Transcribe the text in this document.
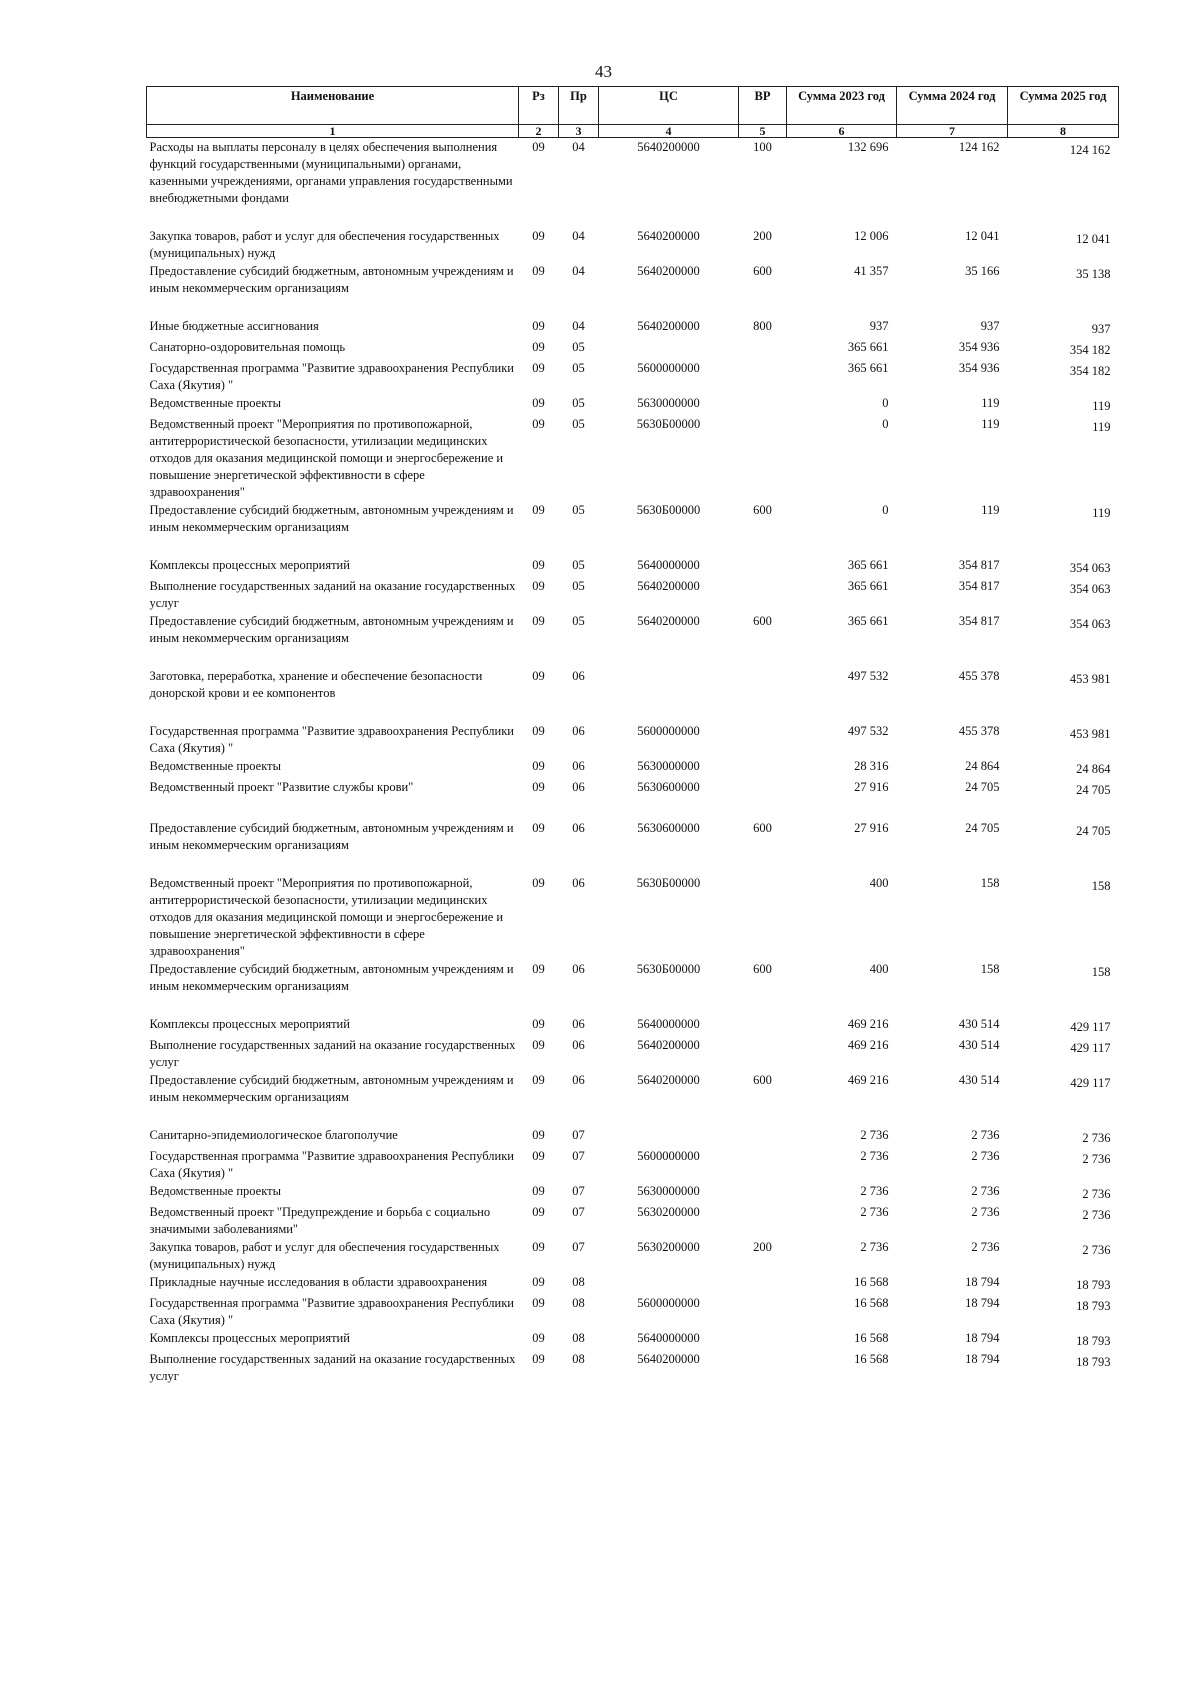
43
Наименование	Рз	Пр	ЦС	ВР	Сумма 2023 год	Сумма 2024 год	Сумма 2025 год
1	2	3	4	5	6	7	8
Расходы на выплаты персоналу в целях обеспечения выполнения функций государственными (муниципальными) органами, казенными учреждениями, органами управления государственными внебюджетными фондами	09	04	5640200000	100	132 696	124 162	124 162
Закупка товаров, работ и услуг для обеспечения государственных (муниципальных) нужд	09	04	5640200000	200	12 006	12 041	12 041
Предоставление субсидий бюджетным, автономным учреждениям и иным некоммерческим организациям	09	04	5640200000	600	41 357	35 166	35 138
Иные бюджетные ассигнования	09	04	5640200000	800	937	937	937
Санаторно-оздоровительная помощь	09	05			365 661	354 936	354 182
Государственная программа "Развитие здравоохранения Республики Саха (Якутия) "	09	05	5600000000		365 661	354 936	354 182
Ведомственные проекты	09	05	5630000000		0	119	119
Ведомственный проект "Мероприятия по противопожарной, антитеррористической безопасности, утилизации медицинских отходов для оказания медицинской помощи и энергосбережение и повышение энергетической эффективности в сфере здравоохранения"	09	05	5630Б00000		0	119	119
Предоставление субсидий бюджетным, автономным учреждениям и иным некоммерческим организациям	09	05	5630Б00000	600	0	119	119
Комплексы процессных мероприятий	09	05	5640000000		365 661	354 817	354 063
Выполнение государственных заданий на оказание государственных услуг	09	05	5640200000		365 661	354 817	354 063
Предоставление субсидий бюджетным, автономным учреждениям и иным некоммерческим организациям	09	05	5640200000	600	365 661	354 817	354 063
Заготовка, переработка, хранение и обеспечение безопасности донорской крови и ее компонентов	09	06			497 532	455 378	453 981
Государственная программа "Развитие здравоохранения Республики Саха (Якутия) "	09	06	5600000000		497 532	455 378	453 981
Ведомственные проекты	09	06	5630000000		28 316	24 864	24 864
Ведомственный проект "Развитие службы крови"	09	06	5630600000		27 916	24 705	24 705
Предоставление субсидий бюджетным, автономным учреждениям и иным некоммерческим организациям	09	06	5630600000	600	27 916	24 705	24 705
Ведомственный проект "Мероприятия по противопожарной, антитеррористической безопасности, утилизации медицинских отходов для оказания медицинской помощи и энергосбережение и повышение энергетической эффективности в сфере здравоохранения"	09	06	5630Б00000		400	158	158
Предоставление субсидий бюджетным, автономным учреждениям и иным некоммерческим организациям	09	06	5630Б00000	600	400	158	158
Комплексы процессных мероприятий	09	06	5640000000		469 216	430 514	429 117
Выполнение государственных заданий на оказание государственных услуг	09	06	5640200000		469 216	430 514	429 117
Предоставление субсидий бюджетным, автономным учреждениям и иным некоммерческим организациям	09	06	5640200000	600	469 216	430 514	429 117
Санитарно-эпидемиологическое благополучие	09	07			2 736	2 736	2 736
Государственная программа "Развитие здравоохранения Республики Саха (Якутия) "	09	07	5600000000		2 736	2 736	2 736
Ведомственные проекты	09	07	5630000000		2 736	2 736	2 736
Ведомственный проект "Предупреждение и борьба с социально значимыми заболеваниями"	09	07	5630200000		2 736	2 736	2 736
Закупка товаров, работ и услуг для обеспечения государственных (муниципальных) нужд	09	07	5630200000	200	2 736	2 736	2 736
Прикладные научные исследования в области здравоохранения	09	08			16 568	18 794	18 793
Государственная программа "Развитие здравоохранения Республики Саха (Якутия) "	09	08	5600000000		16 568	18 794	18 793
Комплексы процессных мероприятий	09	08	5640000000		16 568	18 794	18 793
Выполнение государственных заданий на оказание государственных услуг	09	08	5640200000		16 568	18 794	18 793
